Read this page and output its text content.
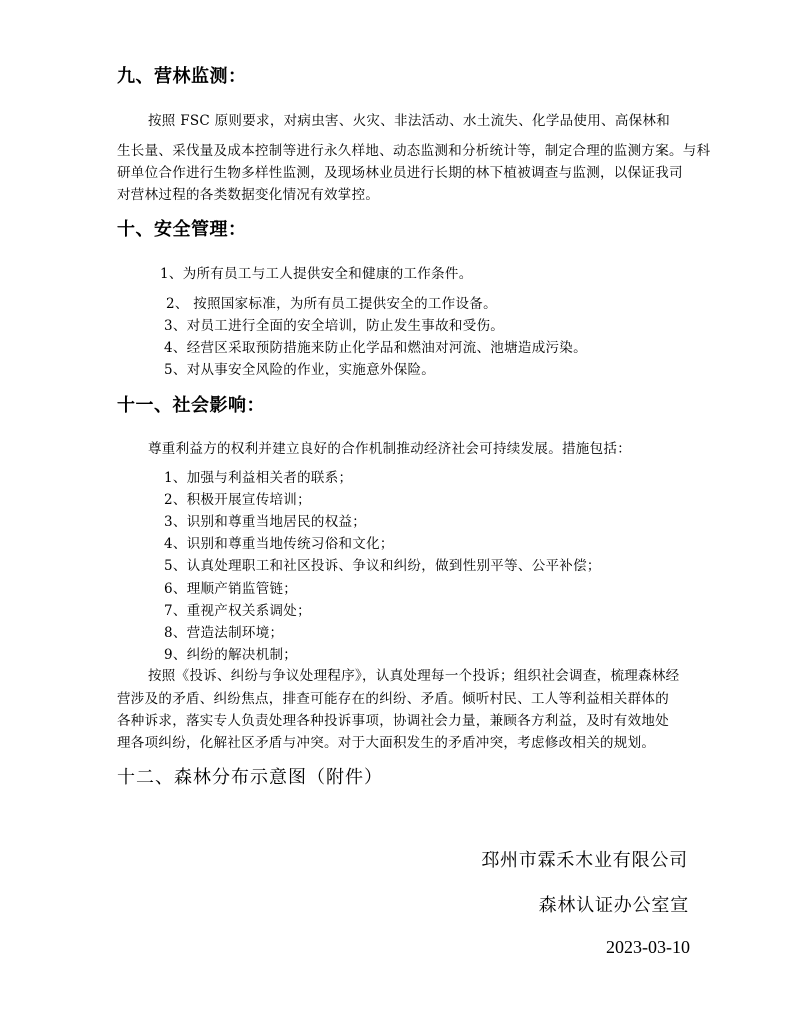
九、营林监测：
按照 FSC 原则要求，对病虫害、火灾、非法活动、水土流失、化学品使用、高保林和
生长量、采伐量及成本控制等进行永久样地、动态监测和分析统计等，制定合理的监测方案。与科
研单位合作进行生物多样性监测，及现场林业员进行长期的林下植被调查与监测，以保证我司
对营林过程的各类数据变化情况有效掌控。
十、安全管理：
1、为所有员工与工人提供安全和健康的工作条件。
2、 按照国家标准，为所有员工提供安全的工作设备。
3、对员工进行全面的安全培训，防止发生事故和受伤。
4、经营区采取预防措施来防止化学品和燃油对河流、池塘造成污染。
5、对从事安全风险的作业，实施意外保险。
十一、社会影响：
尊重利益方的权利并建立良好的合作机制推动经济社会可持续发展。措施包括：
1、加强与利益相关者的联系；
2、积极开展宣传培训；
3、识别和尊重当地居民的权益；
4、识别和尊重当地传统习俗和文化；
5、认真处理职工和社区投诉、争议和纠纷，做到性别平等、公平补偿；
6、理顺产销监管链；
7、重视产权关系调处；
8、营造法制环境；
9、纠纷的解决机制；
按照《投诉、纠纷与争议处理程序》，认真处理每一个投诉；组织社会调查，梳理森林经
营涉及的矛盾、纠纷焦点，排查可能存在的纠纷、矛盾。倾听村民、工人等利益相关群体的
各种诉求，落实专人负责处理各种投诉事项，协调社会力量，兼顾各方利益，及时有效地处
理各项纠纷，化解社区矛盾与冲突。对于大面积发生的矛盾冲突，考虑修改相关的规划。
十二、森林分布示意图（附件）
邳州市霖禾木业有限公司
森林认证办公室宣
2023-03-10
